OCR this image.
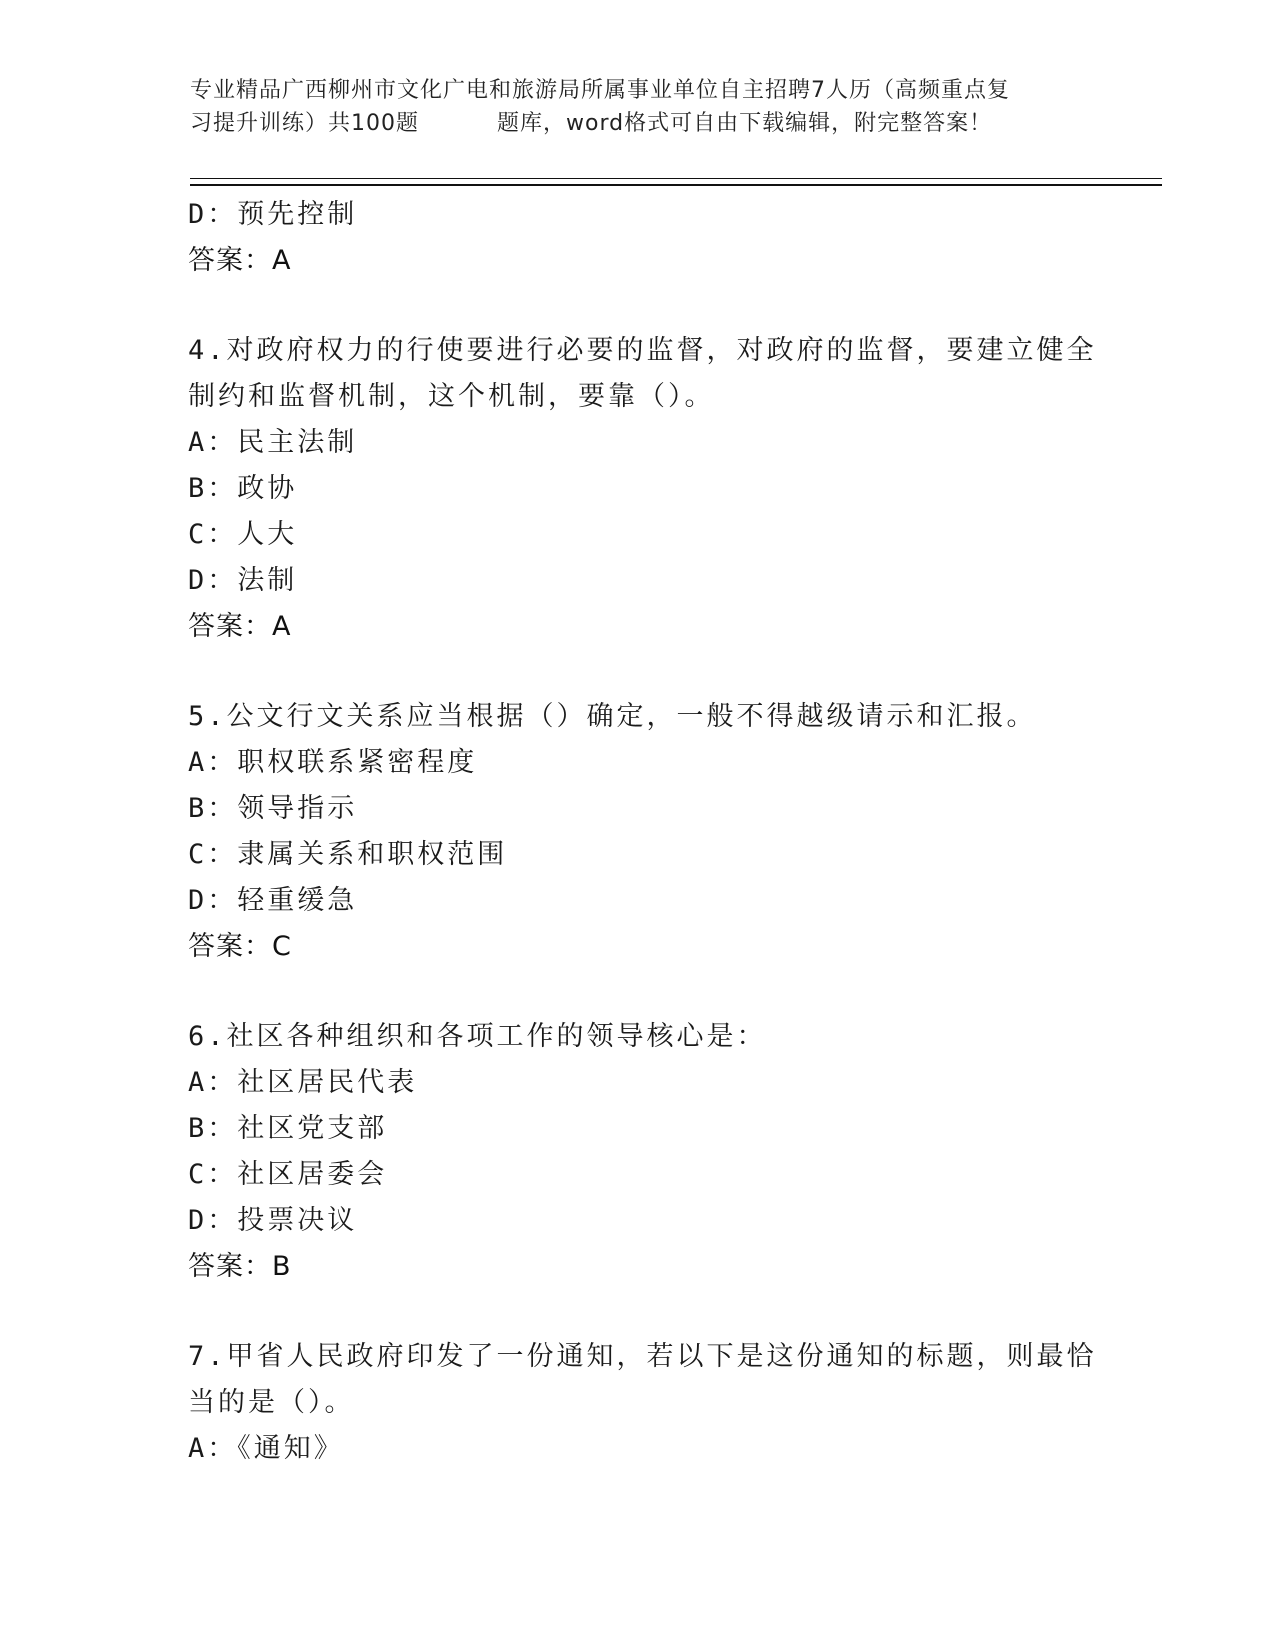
专业精品广西柳州市文化广电和旅游局所属事业单位自主招聘7人历（高频重点复
习提升训练）共100题	题库，word格式可自由下载编辑，附完整答案！
D：预先控制
答案：A
4.对政府权力的行使要进行必要的监督，对政府的监督，要建立健全
制约和监督机制，这个机制，要靠（）。
A：民主法制
B：政协
C：人大
D：法制
答案：A
5.公文行文关系应当根据（）确定，一般不得越级请示和汇报。
A：职权联系紧密程度
B：领导指示
C：隶属关系和职权范围
D：轻重缓急
答案：C
6.社区各种组织和各项工作的领导核心是：
A：社区居民代表
B：社区党支部
C：社区居委会
D：投票决议
答案：B
7.甲省人民政府印发了一份通知，若以下是这份通知的标题，则最恰
当的是（）。
A：《通知》
